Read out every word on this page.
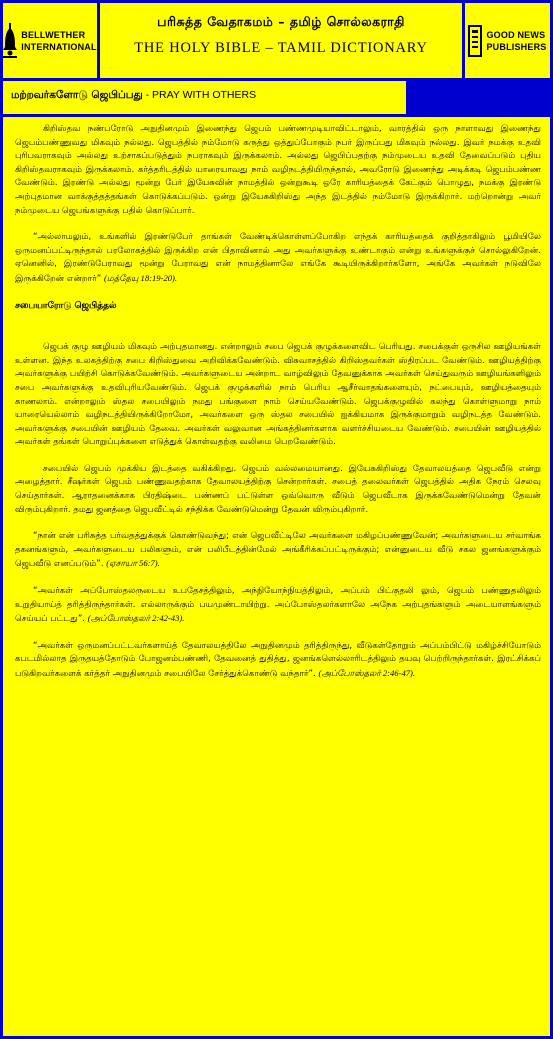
BELLWETHER
INTERNATIONAL
பரிசுத்த வேதாகமம் – தமிழ் சொல்லகராதி
THE HOLY BIBLE – TAMIL DICTIONARY
GOOD NEWS
PUBLISHERS
மற்றவர்களோடு ஜெபிப்பது - PRAY WITH OTHERS

கிறிஸ்தவ நண்பரோடு அநுதினமும் இணைந்து ஜெபம் பண்ணமுடியாவிட்டாலும், வாரத்தில் ஒரு நாளாவது இணைந்து ஜெபம்பண்ணுவது மிகவும் நல்லது. ஜெபத்தில் நம்மோடு கருத்து ஒத்துப்போகும் நபர் இருப்பது மிகவும் நல்லது. இவர் நமக்கு உதவி புரிபவராகவும் அல்லது உற்சாகப்படுத்தும் நபராகவும் இருக்கலாம். அல்லது ஜெபிப்பதற்கு நம்முடைய உதவி தேவைப்படும் புதிய கிறிஸ்தவராகவும் இருக்கலாம். கர்த்தரிடத்தில் யாரையாவது நாம் வழிநடத்தியிருந்தால், அவரோடு இணைந்து அடிக்கடி ஜெபம்பண்ண வேண்டும். இரண்டு அல்லது மூன்று பேர் இயேசுவின் நாமத்தில் ஒன்றுகூடி ஒரே காரியத்தைக் கேட்கும் பொழுது, நமக்கு இரண்டு அற்புதமான வாக்குத்தத்தங்கள் கொடுக்கப்படும். ஒன்று இயேசுகிறிஸ்து அந்த இடத்தில் நம்மோடு இருக்கிறார். மற்றொன்று அவர் நம்முடைய ஜெபங்களுக்கு பதில் கொடுப்பார்.

“அல்லாமலும், உங்களில் இரண்டுபேர் தாங்கள் வேண்டிக்கொள்ளப்போகிற எந்தக் காரியத்தைக் குறித்தாகிலும் பூமியிலே ஒருமனப்பட்டிருந்தால் பரலோகத்தில் இருக்கிற என் பிதாவினால் அது அவர்களுக்கு உண்டாகும் என்று உங்களுக்குச் சொல்லுகிறேன். ஏனெனில், இரண்டுபேராவது மூன்று பேராவது என் நாமத்தினாலே எங்கே கூடியிருக்கிறார்களோ, அங்கே அவர்கள் நடுவிலே இருக்கிறேன் என்றார்” (மத்தேயு 18:19-20).

சபையாரோடு ஜெபித்தல்

ஜெபக் குழு ஊழியம் மிகவும் அற்புதமானது. என்றாலும் சபை ஜெபக் குழுக்களைவிட பெரியது. சபைக்குள் ஒருசில ஊழியங்கள் உள்ளன. இந்த உலகத்திற்கு சபை கிறிஸ்துவை அறிவிக்கவேண்டும். விசுவாசத்தில் கிறிஸ்தவர்கள் ஸ்திரப்பட வேண்டும். ஊழியத்திற்கு அவர்களுக்கு பயிற்சி கொடுக்கவேண்டும். அவர்களுடைய அன்றாட வாழ்விலும் தேவனுக்காக அவர்கள் செய்துவரும் ஊழியங்களிலும் சபை அவர்களுக்கு உதவிபுரியவேண்டும். ஜெபக் குழுக்களில் நாம் பெரிய ஆசீர்வாதங்களையும், நட்பையும், ஊழியத்தையும் காணலாம். என்றாலும் ஸ்தல சபையிலும் நமது பங்குளை நாம் செய்யவேண்டும். ஜெபக்குழுவில் கலந்து கொள்ளுமாறு நாம் யாரையெல்லாம் வழிநடத்தியிருக்கிறோமோ, அவர்களை ஒரு ஸ்தல சபையில் ஐக்கியமாக இருக்குமாறும் வழிநடத்த வேண்டும். அவர்களுக்கு சபையின் ஊழியம் தேவை. அவர்கள் வலுவான அங்கத்தினர்களாக வளர்ச்சியடைய வேண்டும். சபையின் ஊழியத்தில் அவர்கள் தங்கள் பொறுப்புக்களை எடுத்துக் கொள்வதற்கு வலிமை பெறவேண்டும்.

சபையில் ஜெபம் முக்கிய இடத்தை வகிக்கிறது. ஜெபம் வல்லமையானது. இயேசுகிறிஸ்து தேவாலயத்தை ஜெபவீடு என்று அழைத்தார். சீஷர்கள் ஜெபம் பண்ணுவதற்காக தேவாலயத்திற்கு சென்றார்கள். சபைத் தலைவர்கள் ஜெபத்தில் அதிக நேரம் செலவு செய்தார்கள். ஆராதனைக்காக பிரதிஷ்டை பண்ணப் பட்டுள்ள ஒவ்வொரு வீடும் ஜெபவீடாக இருக்கவேண்டுமென்று தேவன் விரும்புகிறார். தமது ஜனத்தை ஜெபவீட்டில் சந்திக்க வேண்டுமென்று தேவன் விரும்புகிறார்.

“நான் என் பரிசுத்த பர்வதத்துக்குக் கொண்டுவந்து; என் ஜெபவீட்டிலே அவர்களை மகிழப்பண்ணுவேன்; அவர்களுடைய சர்வாங்க தகனங்களும், அவர்களுடைய பலிகளும், என் பலிபீடத்தின்மேல் அங்கீரிக்கப்பட்டிருக்கும்; என்னுடைய வீடு சகல ஜனங்களுக்கும் ஜெபவீடு எனப்படும்”. (ஏசாயா 56:7).

“அவர்கள் அப்போஸ்தலருடைய உபதேசத்திலும், அந்நியோந்நியத்திலும், அப்பம் பிட்குதலி லும், ஜெபம் பண்ணுதலிலும் உறுதியாய்த் தரித்திருந்தார்கள். எல்லாருக்கும் பயமுண்டாயிற்று. அப்போஸ்தலர்களாலே அநேக அற்புதங்களும் அடையாளங்களும் செய்யப் பட்டது”. (அப்போஸ்தலர் 2:42-43).

“அவர்கள் ஒருமனப்பட்டவர்களாய்த் தேவாலயத்திலே அநுதினமும் தரித்திருந்து, வீடுகள்தோறும் அப்பம்பிட்டு மகிழ்ச்சியோடும் கபடமில்லாத இருதயத்தோடும் போஜனம்பண்ணி, தேவனைத் துதித்து, ஜனங்களெல்லாரிடத்திலும் தயவு பெற்றிருந்தார்கள். இரட்சிக்கப் படுகிறவர்களைக் கர்த்தர் அநுதினமும் சபையிலே சேர்த்துக்கொண்டு வந்தார்”. (அப்போஸ்தலர் 2:46-47).
